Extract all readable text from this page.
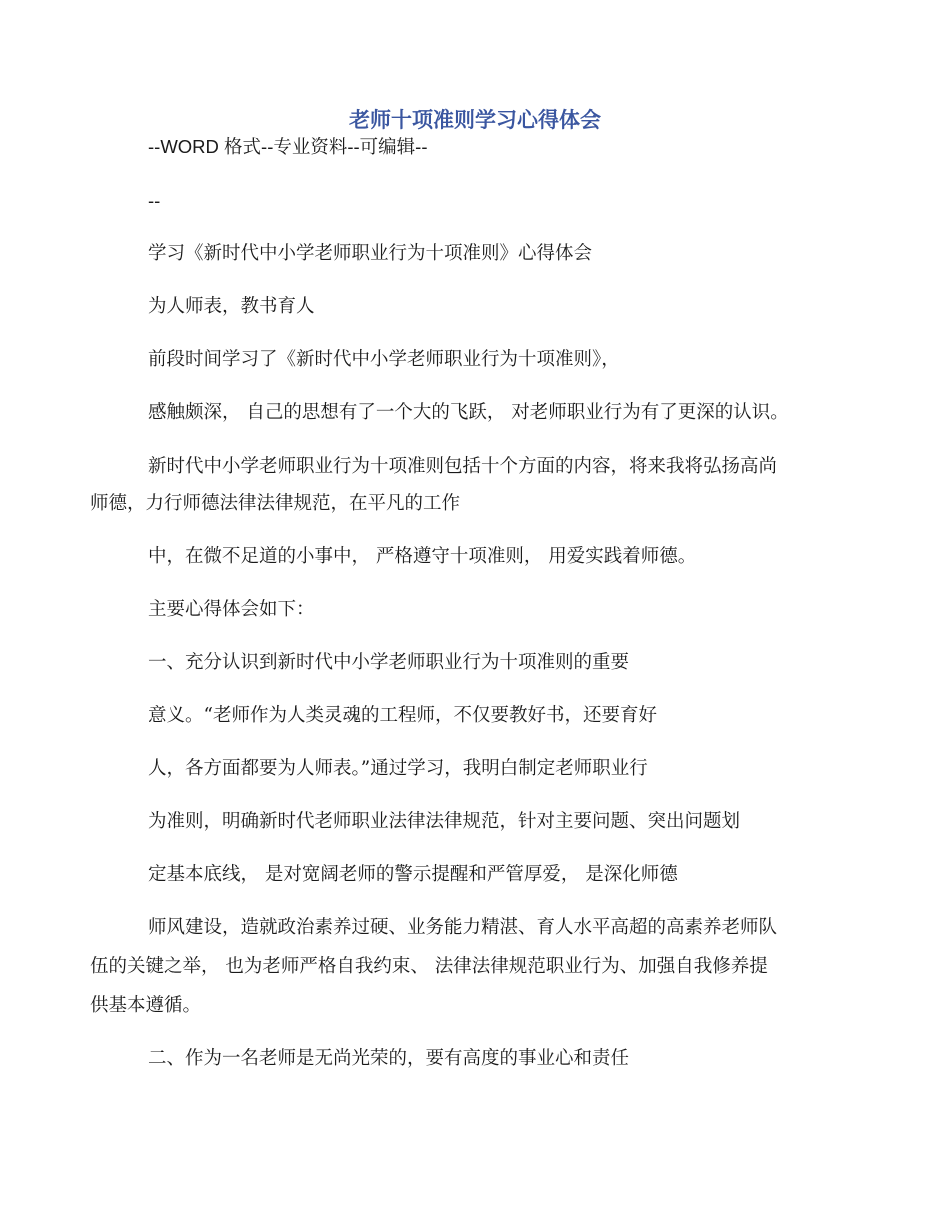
老师十项准则学习心得体会

--WORD 格式--专业资料--可编辑--

--

学习《新时代中小学老师职业行为十项准则》心得体会

为人师表，教书育人

前段时间学习了《新时代中小学老师职业行为十项准则》，

感触颇深， 自己的思想有了一个大的飞跃， 对老师职业行为有了更深的认识。

新时代中小学老师职业行为十项准则包括十个方面的内容，将来我将弘扬高尚

师德，力行师德法律法律规范，在平凡的工作

中，在微不足道的小事中， 严格遵守十项准则， 用爱实践着师德。

主要心得体会如下：

一、充分认识到新时代中小学老师职业行为十项准则的重要

意义。“老师作为人类灵魂的工程师，不仅要教好书，还要育好

人，各方面都要为人师表。”通过学习，我明白制定老师职业行

为准则，明确新时代老师职业法律法律规范，针对主要问题、突出问题划

定基本底线， 是对宽阔老师的警示提醒和严管厚爱， 是深化师德

师风建设，造就政治素养过硬、业务能力精湛、育人水平高超的高素养老师队

伍的关键之举， 也为老师严格自我约束、 法律法律规范职业行为、加强自我修养提

供基本遵循。

二、作为一名老师是无尚光荣的，要有高度的事业心和责任
